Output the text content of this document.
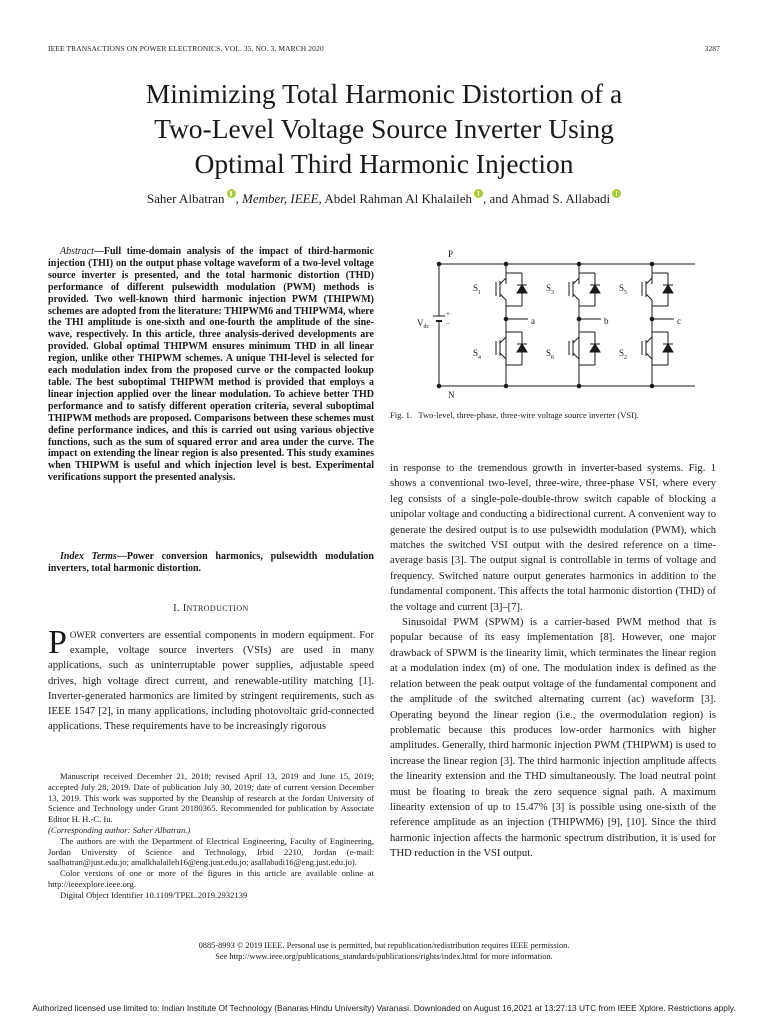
IEEE TRANSACTIONS ON POWER ELECTRONICS, VOL. 35, NO. 3, MARCH 2020	3287
Minimizing Total Harmonic Distortion of a
Two-Level Voltage Source Inverter Using
Optimal Third Harmonic Injection
Saher Albatran , Member, IEEE, Abdel Rahman Al Khalaileh , and Ahmad S. Allabadi
Abstract—Full time-domain analysis of the impact of third-harmonic injection (THI) on the output phase voltage waveform of a two-level voltage source inverter is presented, and the total harmonic distortion (THD) performance of different pulsewidth modulation (PWM) methods is provided. Two well-known third harmonic injection PWM (THIPWM) schemes are adopted from the literature: THIPWM6 and THIPWM4, where the THI amplitude is one-sixth and one-fourth the amplitude of the sine-wave, respectively. In this article, three analysis-derived developments are provided. Global optimal THIPWM ensures minimum THD in all linear region, unlike other THIPWM schemes. A unique THI-level is selected for each modulation index from the proposed curve or the compacted lookup table. The best suboptimal THIPWM method is provided that employs a linear injection applied over the linear modulation. To achieve better THD performance and to satisfy different operation criteria, several suboptimal THIPWM methods are proposed. Comparisons between these schemes must define performance indices, and this is carried out using various objective functions, such as the sum of squared error and area under the curve. The impact on extending the linear region is also presented. This study examines when THIPWM is useful and which injection level is best. Experimental verifications support the presented analysis.
Index Terms—Power conversion harmonics, pulsewidth modulation inverters, total harmonic distortion.
I. INTRODUCTION
POWER converters are essential components in modern equipment. For example, voltage source inverters (VSIs) are used in many applications, such as uninterruptable power supplies, adjustable speed drives, high voltage direct current, and renewable-utility matching [1]. Inverter-generated harmonics are limited by stringent requirements, such as IEEE 1547 [2], in many applications, including photovoltaic grid-connected applications. These requirements have to be increasingly rigorous

Manuscript received December 21, 2018; revised April 13, 2019 and June 15, 2019; accepted July 28, 2019. Date of publication July 30, 2019; date of current version December 13, 2019. This work was supported by the Deanship of research at the Jordan University of Science and Technology under Grant 20180365. Recommended for publication by Associate Editor H. H.-C. Iu.

(Corresponding author: Saher Albatran.)

The authors are with the Department of Electrical Engineering, Faculty of Engineering, Jordan University of Science and Technology, Irbid 2210, Jordan (e-mail: saalbatran@just.edu.jo; amalkhalaileh16@eng.just.edu.jo; asallabadi16@eng.just.edu.jo).

Color versions of one or more of the figures in this article are available online at http://ieeexplore.ieee.org.

Digital Object Identifier 10.1109/TPEL.2019.2932139

P
N
+
−
$V_{dc}$
a	b	c
$S_1$	$S_3$	$S_5$
$S_4$	$S_6$	$S_2$
Fig. 1. Two-level, three-phase, three-wire voltage source inverter (VSI).

in response to the tremendous growth in inverter-based systems. Fig. 1 shows a conventional two-level, three-wire, three-phase VSI, where every leg consists of a single-pole-double-throw switch capable of blocking a unipolar voltage and conducting a bidirectional current. A convenient way to generate the desired output is to use pulsewidth modulation (PWM), which matches the switched VSI output with the desired reference on a time-average basis [3]. The output signal is controllable in terms of voltage and frequency. Switched nature output generates harmonics in addition to the fundamental component. This affects the total harmonic distortion (THD) of the voltage and current [3]–[7].

Sinusoidal PWM (SPWM) is a carrier-based PWM method that is popular because of its easy implementation [8]. However, one major drawback of SPWM is the linearity limit, which terminates the linear region at a modulation index (m) of one. The modulation index is defined as the relation between the peak output voltage of the fundamental component and the amplitude of the switched alternating current (ac) waveform [3]. Operating beyond the linear region (i.e., the overmodulation region) is problematic because this produces low-order harmonics with higher amplitudes. Generally, third harmonic injection PWM (THIPWM) is used to increase the linear region [3]. The third harmonic injection amplitude affects the linearity extension and the THD simultaneously. The load neutral point must be floating to break the zero sequence signal path. A maximum linearity extension of up to 15.47% [3] is possible using one-sixth of the reference amplitude as an injection (THIPWM6) [9], [10]. Since the third harmonic injection affects the harmonic spectrum distribution, it is used for THD reduction in the VSI output.

0885-8993 © 2019 IEEE. Personal use is permitted, but republication/redistribution requires IEEE permission.
See http://www.ieee.org/publications_standards/publications/rights/index.html for more information.
Authorized licensed use limited to: Indian Institute Of Technology (Banaras Hindu University) Varanasi. Downloaded on August 16,2021 at 13:27:13 UTC from IEEE Xplore. Restrictions apply.
